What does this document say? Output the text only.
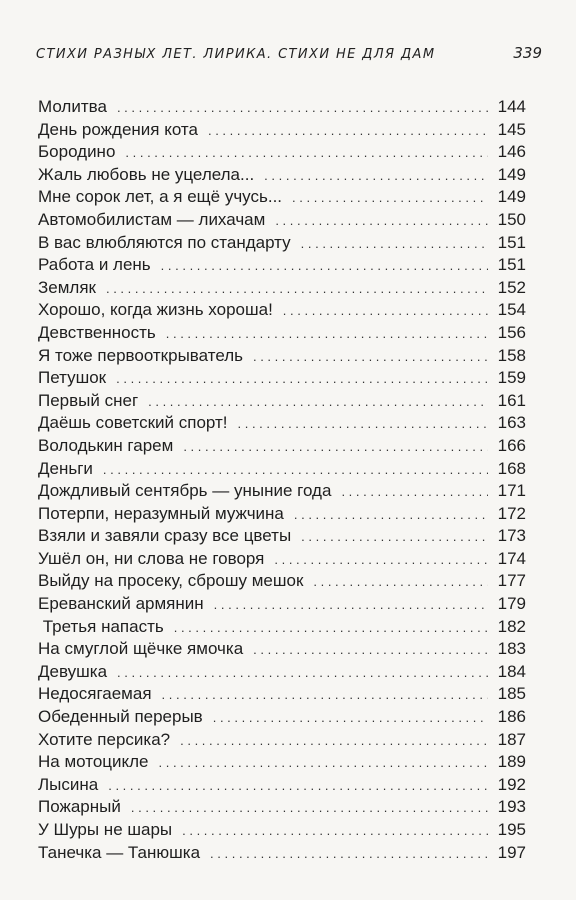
СТИХИ РАЗНЫХ ЛЕТ. ЛИРИКА. СТИХИ НЕ ДЛЯ ДАМ	339
Молитва . . .	144
День рождения кота . . .	145
Бородино . . .	146
Жаль любовь не уцелела... . . .	149
Мне сорок лет, а я ещё учусь... . . .	149
Автомобилистам — лихачам . . .	150
В вас влюбляются по стандарту . . .	151
Работа и лень . . .	151
Земляк . . .	152
Хорошо, когда жизнь хороша! . . .	154
Девственность . . .	156
Я тоже первооткрыватель . . .	158
Петушок . . .	159
Первый снег . . .	161
Даёшь советский спорт! . . .	163
Володькин гарем . . .	166
Деньги . . .	168
Дождливый сентябрь — уныние года . . .	171
Потерпи, неразумный мужчина . . .	172
Взяли и завяли сразу все цветы . . .	173
Ушёл он, ни слова не говоря . . .	174
Выйду на просеку, сброшу мешок . . .	177
Ереванский армянин . . .	179
Третья напасть . . .	182
На смуглой щёчке ямочка . . .	183
Девушка . . .	184
Недосягаемая . . .	185
Обеденный перерыв . . .	186
Хотите персика? . . .	187
На мотоцикле . . .	189
Лысина . . .	192
Пожарный . . .	193
У Шуры не шары . . .	195
Танечка — Танюшка . . .	197
